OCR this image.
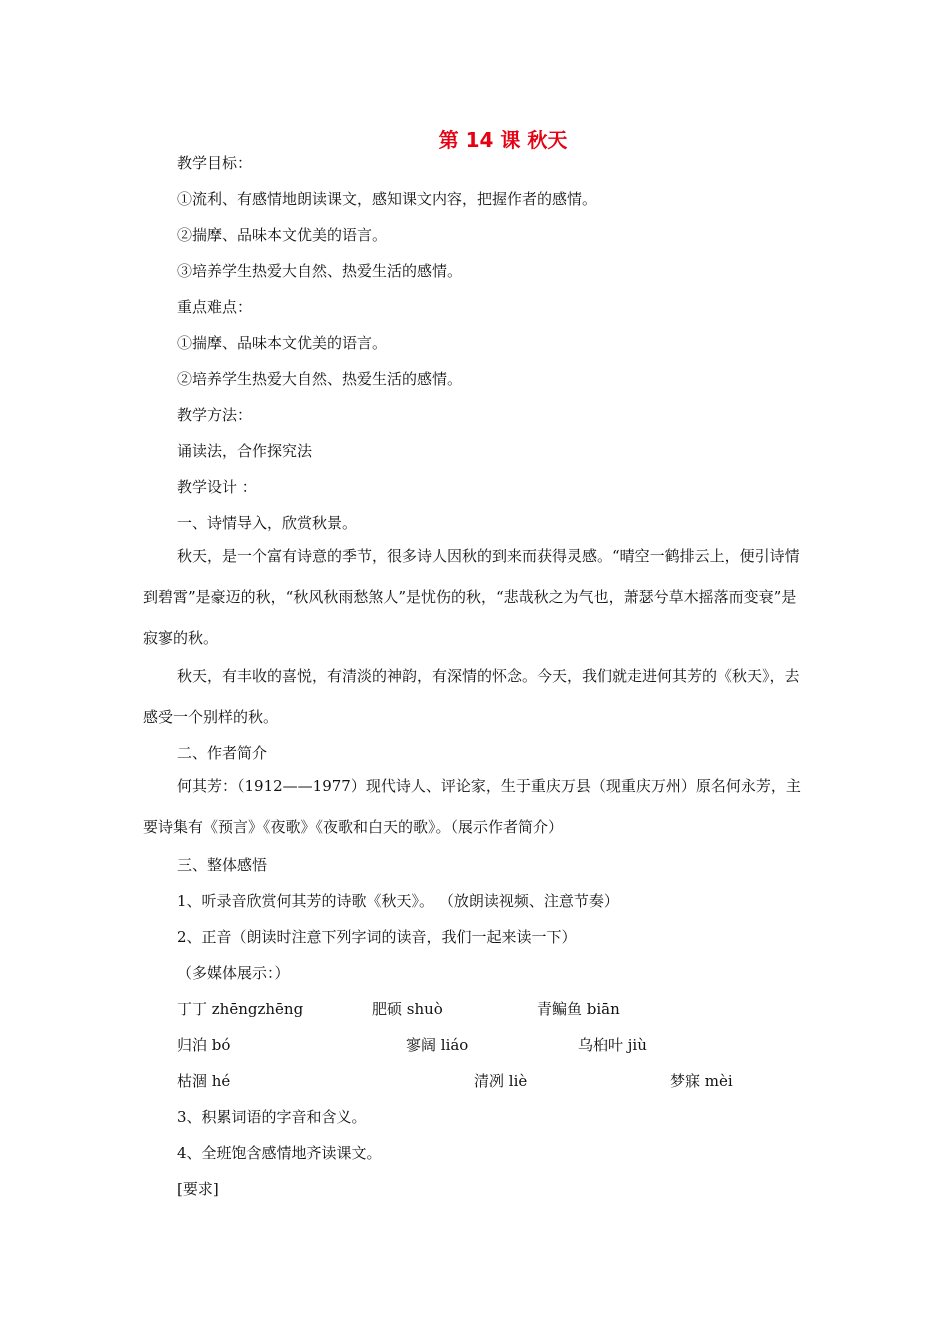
第 14 课 秋天
教学目标：
①流利、有感情地朗读课文，感知课文内容，把握作者的感情。
②揣摩、品味本文优美的语言。
③培养学生热爱大自然、热爱生活的感情。
重点难点：
①揣摩、品味本文优美的语言。
②培养学生热爱大自然、热爱生活的感情。
教学方法：
诵读法，合作探究法
教学设计 ：
一、诗情导入，欣赏秋景。
秋天，是一个富有诗意的季节，很多诗人因秋的到来而获得灵感。“晴空一鹤排云上，便引诗情到碧霄”是豪迈的秋，“秋风秋雨愁煞人”是忧伤的秋，“悲哉秋之为气也，萧瑟兮草木摇落而变衰”是寂寥的秋。
秋天，有丰收的喜悦，有清淡的神韵，有深情的怀念。今天，我们就走进何其芳的《秋天》，去感受一个别样的秋。
二、作者简介
何其芳：（1912——1977）现代诗人、评论家，生于重庆万县（现重庆万州）原名何永芳，主要诗集有《预言》《夜歌》《夜歌和白天的歌》。（展示作者简介）
三、整体感悟
1、听录音欣赏何其芳的诗歌《秋天》。 （放朗读视频、注意节奏）
2、正音（朗读时注意下列字词的读音，我们一起来读一下）
（多媒体展示：）
丁丁 zhēngzhēng	肥硕 shuò	青鳊鱼 biān
归泊 bó	寥阔 liáo	乌桕叶 jiù
枯涸 hé	清冽 liè	梦寐 mèi
3、积累词语的字音和含义。
4、全班饱含感情地齐读课文。
[要求]
